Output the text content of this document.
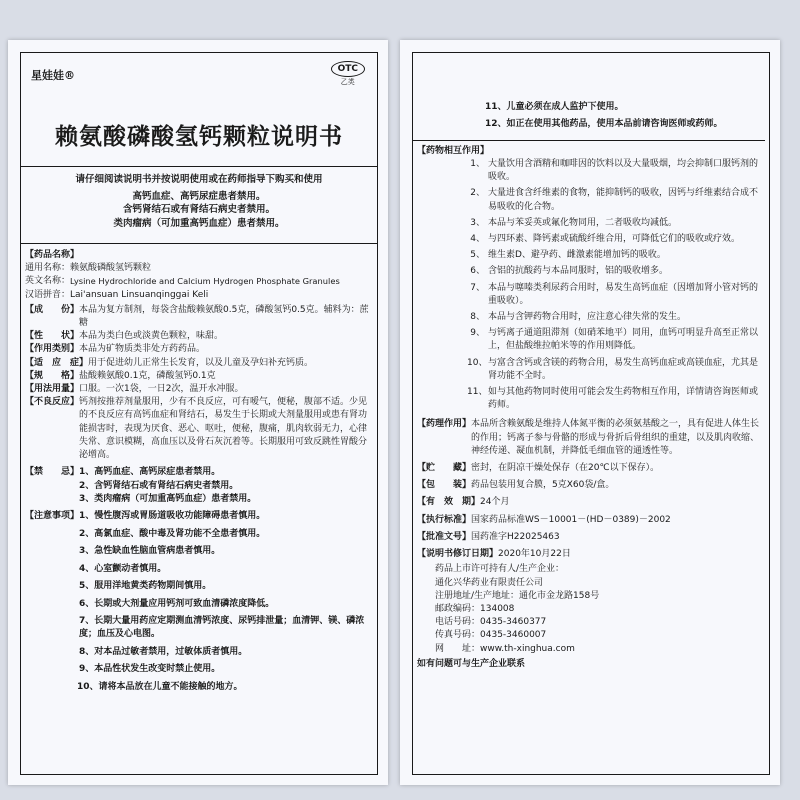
星娃娃®	OTC
乙类
赖氨酸磷酸氢钙颗粒说明书
请仔细阅读说明书并按说明使用或在药师指导下购买和使用
高钙血症、高钙尿症患者禁用。
含钙肾结石或有肾结石病史者禁用。
类肉瘤病（可加重高钙血症）患者禁用。
【药品名称】
通用名称： 赖氨酸磷酸氢钙颗粒
英文名称： Lysine Hydrochloride and Calcium Hydrogen Phosphate Granules
汉语拼音： Lai'ansuan Linsuanqinggai Keli
【成　　份】 本品为复方制剂，每袋含盐酸赖氨酸0.5克，磷酸氢钙0.5克。辅料为：蔗糖
【性　　状】 本品为类白色或淡黄色颗粒，味甜。
【作用类别】 本品为矿物质类非处方药药品。
【适　应　症】 用于促进幼儿正常生长发育，以及儿童及孕妇补充钙质。
【规　　格】 盐酸赖氨酸0.1克，磷酸氢钙0.1克
【用法用量】 口服。一次1袋，一日2次，温开水冲服。
【不良反应】 钙剂按推荐剂量服用，少有不良反应，可有嗳气，便秘，腹部不适。少见的不良反应有高钙血症和肾结石，易发生于长期或大剂量服用或患有肾功能损害时，表现为厌食、恶心、呕吐，便秘，腹痛，肌肉软弱无力，心律失常、意识模糊，高血压以及骨石灰沉着等。长期服用可致反跳性胃酸分泌增高。
【禁　　忌】 1、高钙血症、高钙尿症患者禁用。
2、含钙肾结石或有肾结石病史者禁用。
3、类肉瘤病（可加重高钙血症）患者禁用。
【注意事项】 1、慢性腹泻或胃肠道吸收功能障碍患者慎用。
2、高氯血症、酸中毒及肾功能不全患者慎用。
3、急性缺血性脑血管病患者慎用。
4、心室颤动者慎用。
5、服用洋地黄类药物期间慎用。
6、长期或大剂量应用钙剂可致血清磷浓度降低。
7、长期大量用药应定期测血清钙浓度、尿钙排泄量；血清钾、镁、磷浓度；血压及心电图。
8、对本品过敏者禁用，过敏体质者慎用。
9、本品性状发生改变时禁止使用。
10、请将本品放在儿童不能接触的地方。
11、儿童必须在成人监护下使用。
12、如正在使用其他药品，使用本品前请咨询医师或药师。
【药物相互作用】
1、 大量饮用含酒精和咖啡因的饮料以及大量吸烟，均会抑制口服钙剂的吸收。
2、 大量进食含纤维素的食物，能抑制钙的吸收，因钙与纤维素结合成不易吸收的化合物。
3、 本品与苯妥英或氟化物同用，二者吸收均减低。
4、 与四环素、降钙素或硫酸纤维合用，可降低它们的吸收或疗效。
5、 维生素D、避孕药、雌激素能增加钙的吸收。
6、 含铝的抗酸药与本品同服时，铝的吸收增多。
7、 本品与噻嗪类利尿药合用时，易发生高钙血症（因增加肾小管对钙的重吸收）。
8、 本品与含钾药物合用时，应注意心律失常的发生。
9、 与钙离子通道阻滞剂（如硝苯地平）同用，血钙可明显升高至正常以上，但盐酸维拉帕米等的作用则降低。
10、 与富含含钙或含镁的药物合用，易发生高钙血症或高镁血症，尤其是肾功能不全时。
11、 如与其他药物同时使用可能会发生药物相互作用，详情请咨询医师或药师。
【药理作用】 本品所含赖氨酸是维持人体氮平衡的必须氨基酸之一，具有促进人体生长的作用；钙离子参与骨骼的形成与骨折后骨组织的重建，以及肌肉收缩、神经传递、凝血机制，并降低毛细血管的通透性等。
【贮　　藏】 密封，在阴凉干燥处保存（在20℃以下保存）。
【包　　装】 药品包装用复合膜，5克X60袋/盒。
【有　效　期】 24个月
【执行标准】 国家药品标准WS－10001－(HD－0389)－2002
【批准文号】 国药准字H22025463
【说明书修订日期】 2020年10月22日
药品上市许可持有人/生产企业：
通化兴华药业有限责任公司
注册地址/生产地址： 通化市金龙路158号
邮政编码： 134008
电话号码： 0435-3460377
传真号码： 0435-3460007
网　　址： www.th-xinghua.com
如有问题可与生产企业联系
